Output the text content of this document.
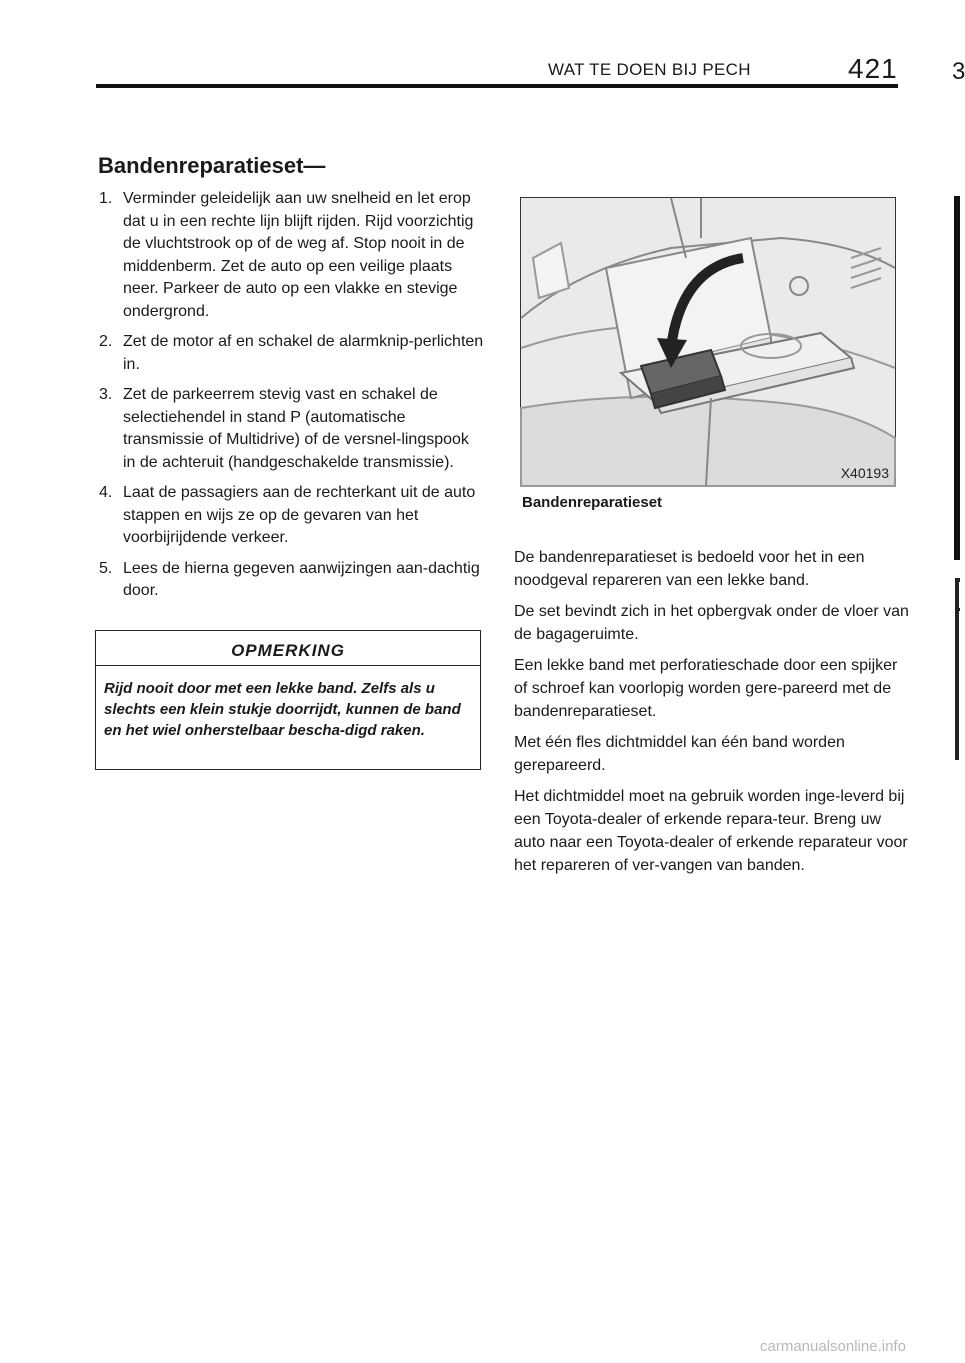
WAT TE DOEN BIJ PECH	421 3
Bandenreparatieset—
1. Verminder geleidelijk aan uw snelheid en let erop dat u in een rechte lijn blijft rijden. Rijd voorzichtig de vluchtstrook op of de weg af. Stop nooit in de middenberm. Zet de auto op een veilige plaats neer. Parkeer de auto op een vlakke en stevige ondergrond.
2. Zet de motor af en schakel de alarmknip-perlichten in.
3. Zet de parkeerrem stevig vast en schakel de selectiehendel in stand P (automatische transmissie of Multidrive) of de versnel-lingspook in de achteruit (handgeschakelde transmissie).
4. Laat de passagiers aan de rechterkant uit de auto stappen en wijs ze op de gevaren van het voorbijrijdende verkeer.
5. Lees de hierna gegeven aanwijzingen aan-dachtig door.
OPMERKING

Rijd nooit door met een lekke band. Zelfs als u slechts een klein stukje doorrijdt, kunnen de band en het wiel onherstelbaar bescha-digd raken.

X40193
Bandenreparatieset

De bandenreparatieset is bedoeld voor het in een noodgeval repareren van een lekke band.

De set bevindt zich in het opbergvak onder de vloer van de bagageruimte.

Een lekke band met perforatieschade door een spijker of schroef kan voorlopig worden gere-pareerd met de bandenreparatieset.

Met één fles dichtmiddel kan één band worden gerepareerd.

Het dichtmiddel moet na gebruik worden inge-leverd bij een Toyota‑dealer of erkende repara-teur. Breng uw auto naar een Toyota‑dealer of erkende reparateur voor het repareren of ver-vangen van banden.

carmanualsonline.info
